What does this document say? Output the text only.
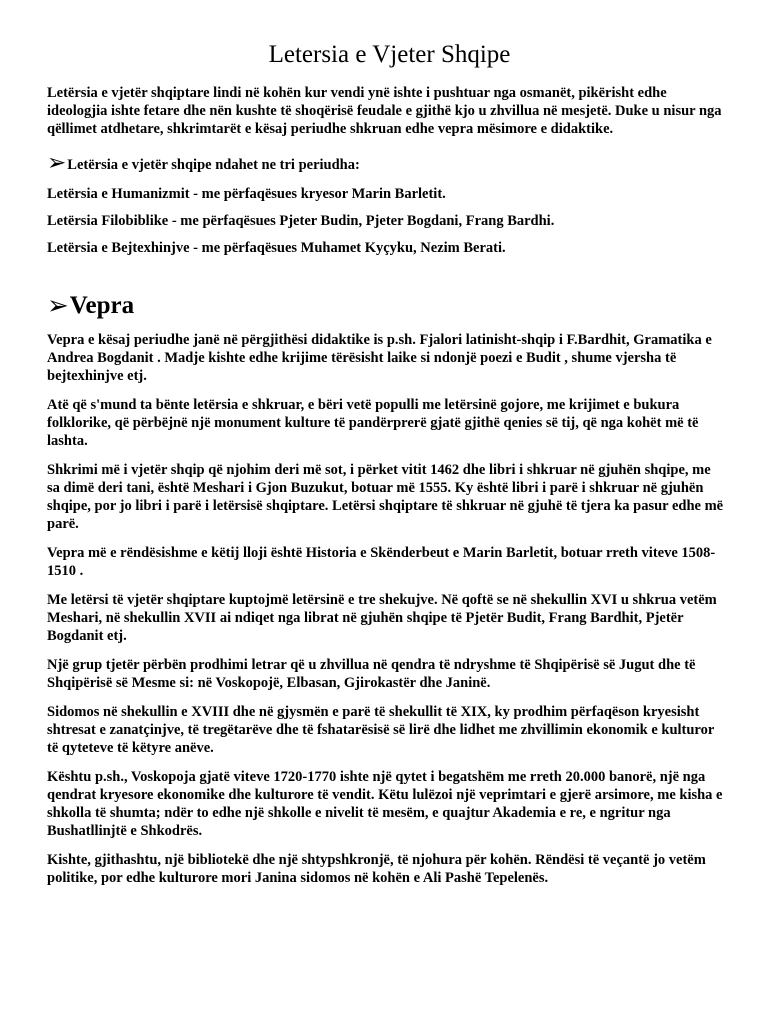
Letersia e Vjeter Shqipe

Letërsia e vjetër shqiptare lindi në kohën kur vendi ynë ishte i pushtuar nga osmanët, pikërisht edhe ideologjia ishte fetare dhe nën kushte të shoqërisë feudale e gjithë kjo u zhvillua në mesjetë. Duke u nisur nga qëllimet atdhetare, shkrimtarët e kësaj periudhe shkruan edhe vepra mësimore e didaktike.

➢ Letërsia e vjetër shqipe ndahet ne tri periudha:

Letërsia e Humanizmit - me përfaqësues kryesor Marin Barletit.

Letërsia Filobiblike - me përfaqësues Pjeter Budin, Pjeter Bogdani, Frang Bardhi.

Letërsia e Bejtexhinjve - me përfaqësues Muhamet Kyçyku, Nezim Berati.

➢ Vepra

Vepra e kësaj periudhe janë në përgjithësi didaktike is p.sh. Fjalori latinisht-shqip i F.Bardhit, Gramatika e Andrea Bogdanit . Madje kishte edhe krijime tërësisht laike si ndonjë poezi e Budit , shume vjersha të bejtexhinjve etj.

Atë që s'mund ta bënte letërsia e shkruar, e bëri vetë populli me letërsinë gojore, me krijimet e bukura folklorike, që përbëjnë një monument kulture të pandërprerë gjatë gjithë qenies së tij, që nga kohët më të lashta.

Shkrimi më i vjetër shqip që njohim deri më sot, i përket vitit 1462 dhe libri i shkruar në gjuhën shqipe, me sa dimë deri tani, është Meshari i Gjon Buzukut, botuar më 1555. Ky është libri i parë i shkruar në gjuhën shqipe, por jo libri i parë i letërsisë shqiptare. Letërsi shqiptare të shkruar në gjuhë të tjera ka pasur edhe më parë.

Vepra më e rëndësishme e këtij lloji është Historia e Skënderbeut e Marin Barletit, botuar rreth viteve 1508-1510 .

Me letërsi të vjetër shqiptare kuptojmë letërsinë e tre shekujve. Në qoftë se në shekullin XVI u shkrua vetëm Meshari, në shekullin XVII ai ndiqet nga librat në gjuhën shqipe të Pjetër Budit, Frang Bardhit, Pjetër Bogdanit etj.

Një grup tjetër përbën prodhimi letrar që u zhvillua në qendra të ndryshme të Shqipërisë së Jugut dhe të Shqipërisë së Mesme si: në Voskopojë, Elbasan, Gjirokastër dhe Janinë.

Sidomos në shekullin e XVIII dhe në gjysmën e parë të shekullit të XIX, ky prodhim përfaqëson kryesisht shtresat e zanatçinjve, të tregëtarëve dhe të fshatarësisë së lirë dhe lidhet me zhvillimin ekonomik e kulturor të qyteteve të këtyre anëve.

Kështu p.sh., Voskopoja gjatë viteve 1720-1770 ishte një qytet i begatshëm me rreth 20.000 banorë, një nga qendrat kryesore ekonomike dhe kulturore të vendit. Këtu lulëzoi një veprimtari e gjerë arsimore, me kisha e shkolla të shumta; ndër to edhe një shkolle e nivelit të mesëm, e quajtur Akademia e re, e ngritur nga Bushatllinjtë e Shkodrës.

Kishte, gjithashtu, një bibliotekë dhe një shtypshkronjë, të njohura për kohën. Rëndësi të veçantë jo vetëm politike, por edhe kulturore mori Janina sidomos në kohën e Ali Pashë Tepelenës.
